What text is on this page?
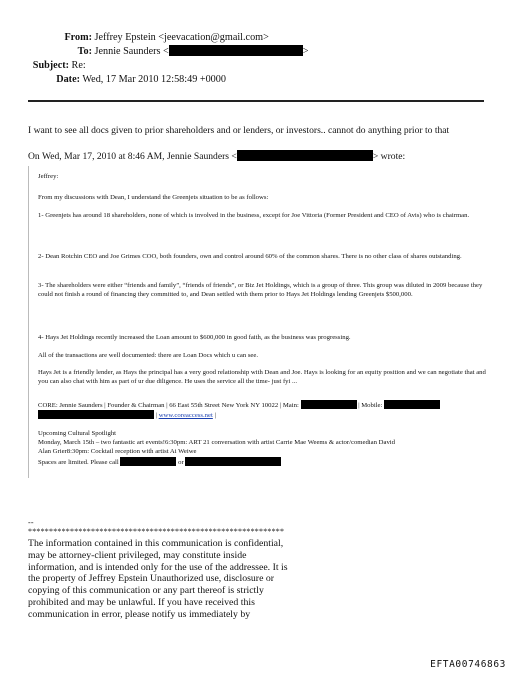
From: Jeffrey Epstein <jeevacation@gmail.com>
To: Jennie Saunders <	>
Subject: Re:
Date: Wed, 17 Mar 2010 12:58:49 +0000
I want to see all docs given to prior shareholders and or lenders, or investors.. cannot do anything prior to that
On Wed, Mar 17, 2010 at 8:46 AM, Jennie Saunders <	> wrote:
Jeffrey:
From my discussions with Dean, I understand the Greenjets situation to be as follows:
1- Greenjets has around 18 shareholders, none of which is involved in the business, except for Joe Vittoria (Former President and CEO of Avis) who is chairman.
2- Dean Rotchin CEO and Joe Grimes COO, both founders, own and control around 60% of the common shares. There is no other class of shares outstanding.
3- The shareholders were either “friends and family”, “friends of friends”, or Biz Jet Holdings, which is a group of three. This group was diluted in 2009 because they could not finish a round of financing they committed to, and Dean settled with them prior to Hays Jet Holdings lending Greenjets $500,000.
4- Hays Jet Holdings recently increased the Loan amount to $600,000 in good faith, as the business was progressing.
All of the transactions are well documented: there are Loan Docs which u can see.
Hays Jet is a friendly lender, as Hays the principal has a very good relationship with Dean and Joe. Hays is looking for an equity position and we can negotiate that and you can also chat with him as part of ur due diligence. He uses the service all the time- just fyi ...
CORE: Jennie Saunders | Founder & Chairman | 66 East 55th Street New York NY 10022 | Main:	| Mobile:
| www.coreaccess.net |
Upcoming Cultural Spotlight
Monday, March 15th – two fantastic art events!6:30pm: ART 21 conversation with artist Carrie Mae Weems & actor/comedian David
Alan Grier8:30pm: Cocktail reception with artist Ai Weiwe
Spaces are limited. Please call	or
--
*************************************************************
The information contained in this communication is confidential, may be attorney-client privileged, may constitute inside information, and is intended only for the use of the addressee. It is the property of Jeffrey Epstein Unauthorized use, disclosure or copying of this communication or any part thereof is strictly prohibited and may be unlawful. If you have received this communication in error, please notify us immediately by
EFTA00746863
